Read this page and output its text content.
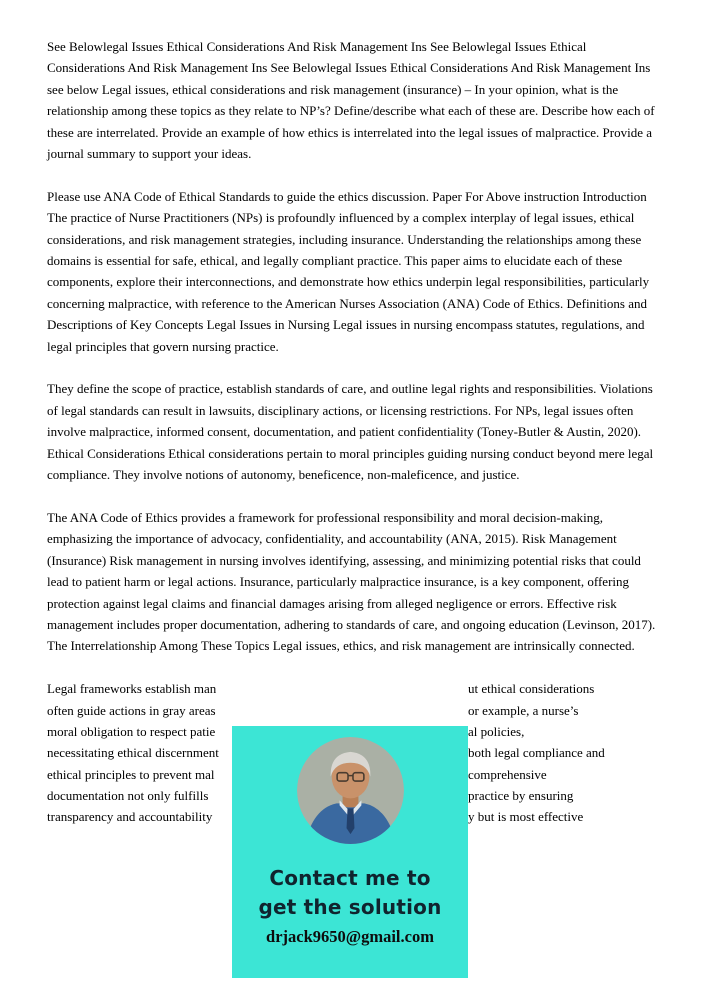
See Belowlegal Issues Ethical Considerations And Risk Management Ins See Belowlegal Issues Ethical Considerations And Risk Management Ins See Belowlegal Issues Ethical Considerations And Risk Management Ins see below Legal issues, ethical considerations and risk management (insurance) – In your opinion, what is the relationship among these topics as they relate to NP’s? Define/describe what each of these are. Describe how each of these are interrelated. Provide an example of how ethics is interrelated into the legal issues of malpractice. Provide a journal summary to support your ideas.

Please use ANA Code of Ethical Standards to guide the ethics discussion. Paper For Above instruction Introduction The practice of Nurse Practitioners (NPs) is profoundly influenced by a complex interplay of legal issues, ethical considerations, and risk management strategies, including insurance. Understanding the relationships among these domains is essential for safe, ethical, and legally compliant practice. This paper aims to elucidate each of these components, explore their interconnections, and demonstrate how ethics underpin legal responsibilities, particularly concerning malpractice, with reference to the American Nurses Association (ANA) Code of Ethics. Definitions and Descriptions of Key Concepts Legal Issues in Nursing Legal issues in nursing encompass statutes, regulations, and legal principles that govern nursing practice.

They define the scope of practice, establish standards of care, and outline legal rights and responsibilities. Violations of legal standards can result in lawsuits, disciplinary actions, or licensing restrictions. For NPs, legal issues often involve malpractice, informed consent, documentation, and patient confidentiality (Toney-Butler & Austin, 2020). Ethical Considerations Ethical considerations pertain to moral principles guiding nursing conduct beyond mere legal compliance. They involve notions of autonomy, beneficence, non-maleficence, and justice.

The ANA Code of Ethics provides a framework for professional responsibility and moral decision-making, emphasizing the importance of advocacy, confidentiality, and accountability (ANA, 2015). Risk Management (Insurance) Risk management in nursing involves identifying, assessing, and minimizing potential risks that could lead to patient harm or legal actions. Insurance, particularly malpractice insurance, is a key component, offering protection against legal claims and financial damages arising from alleged negligence or errors. Effective risk management includes proper documentation, adhering to standards of care, and ongoing education (Levinson, 2017). The Interrelationship Among These Topics Legal issues, ethics, and risk management are intrinsically connected.

Legal frameworks establish man	ut ethical considerations
often guide actions in gray areas	or example, a nurse’s
moral obligation to respect patie	al policies,
necessitating ethical discernment	both legal compliance and
ethical principles to prevent mal	comprehensive
documentation not only fulfills	practice by ensuring
transparency and accountability	y but is most effective
Contact me to
get the solution
drjack9650@gmail.com
